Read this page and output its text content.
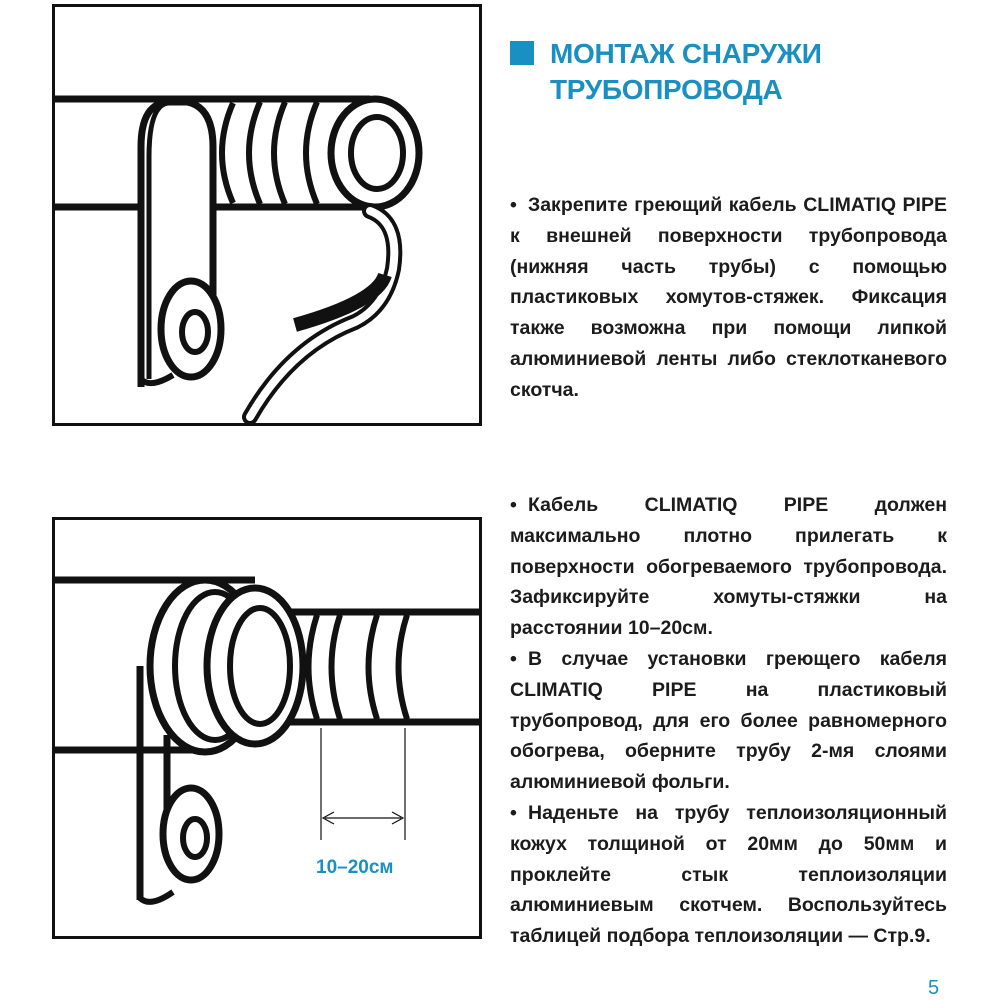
МОНТАЖ СНАРУЖИ
ТРУБОПРОВОДА

• Закрепите греющий кабель CLIMATIQ PIPE к внешней поверхности трубопровода (нижняя часть трубы) с помощью пластиковых хомутов-стяжек. Фиксация также возможна при помощи липкой алюминиевой ленты либо стеклотканевого скотча.

10–20см

• Кабель CLIMATIQ PIPE должен максимально плотно прилегать к поверхности обогреваемого трубопровода. Зафиксируйте хомуты-стяжки на расстоянии 10–20см.

• В случае установки греющего кабеля CLIMATIQ PIPE на пластиковый трубопровод, для его более равномерного обогрева, оберните трубу 2-мя слоями алюминиевой фольги.

• Наденьте на трубу теплоизоляционный кожух толщиной от 20мм до 50мм и проклейте стык теплоизоляции алюминиевым скотчем. Воспользуйтесь таблицей подбора теплоизоляции — Стр.9.

5
